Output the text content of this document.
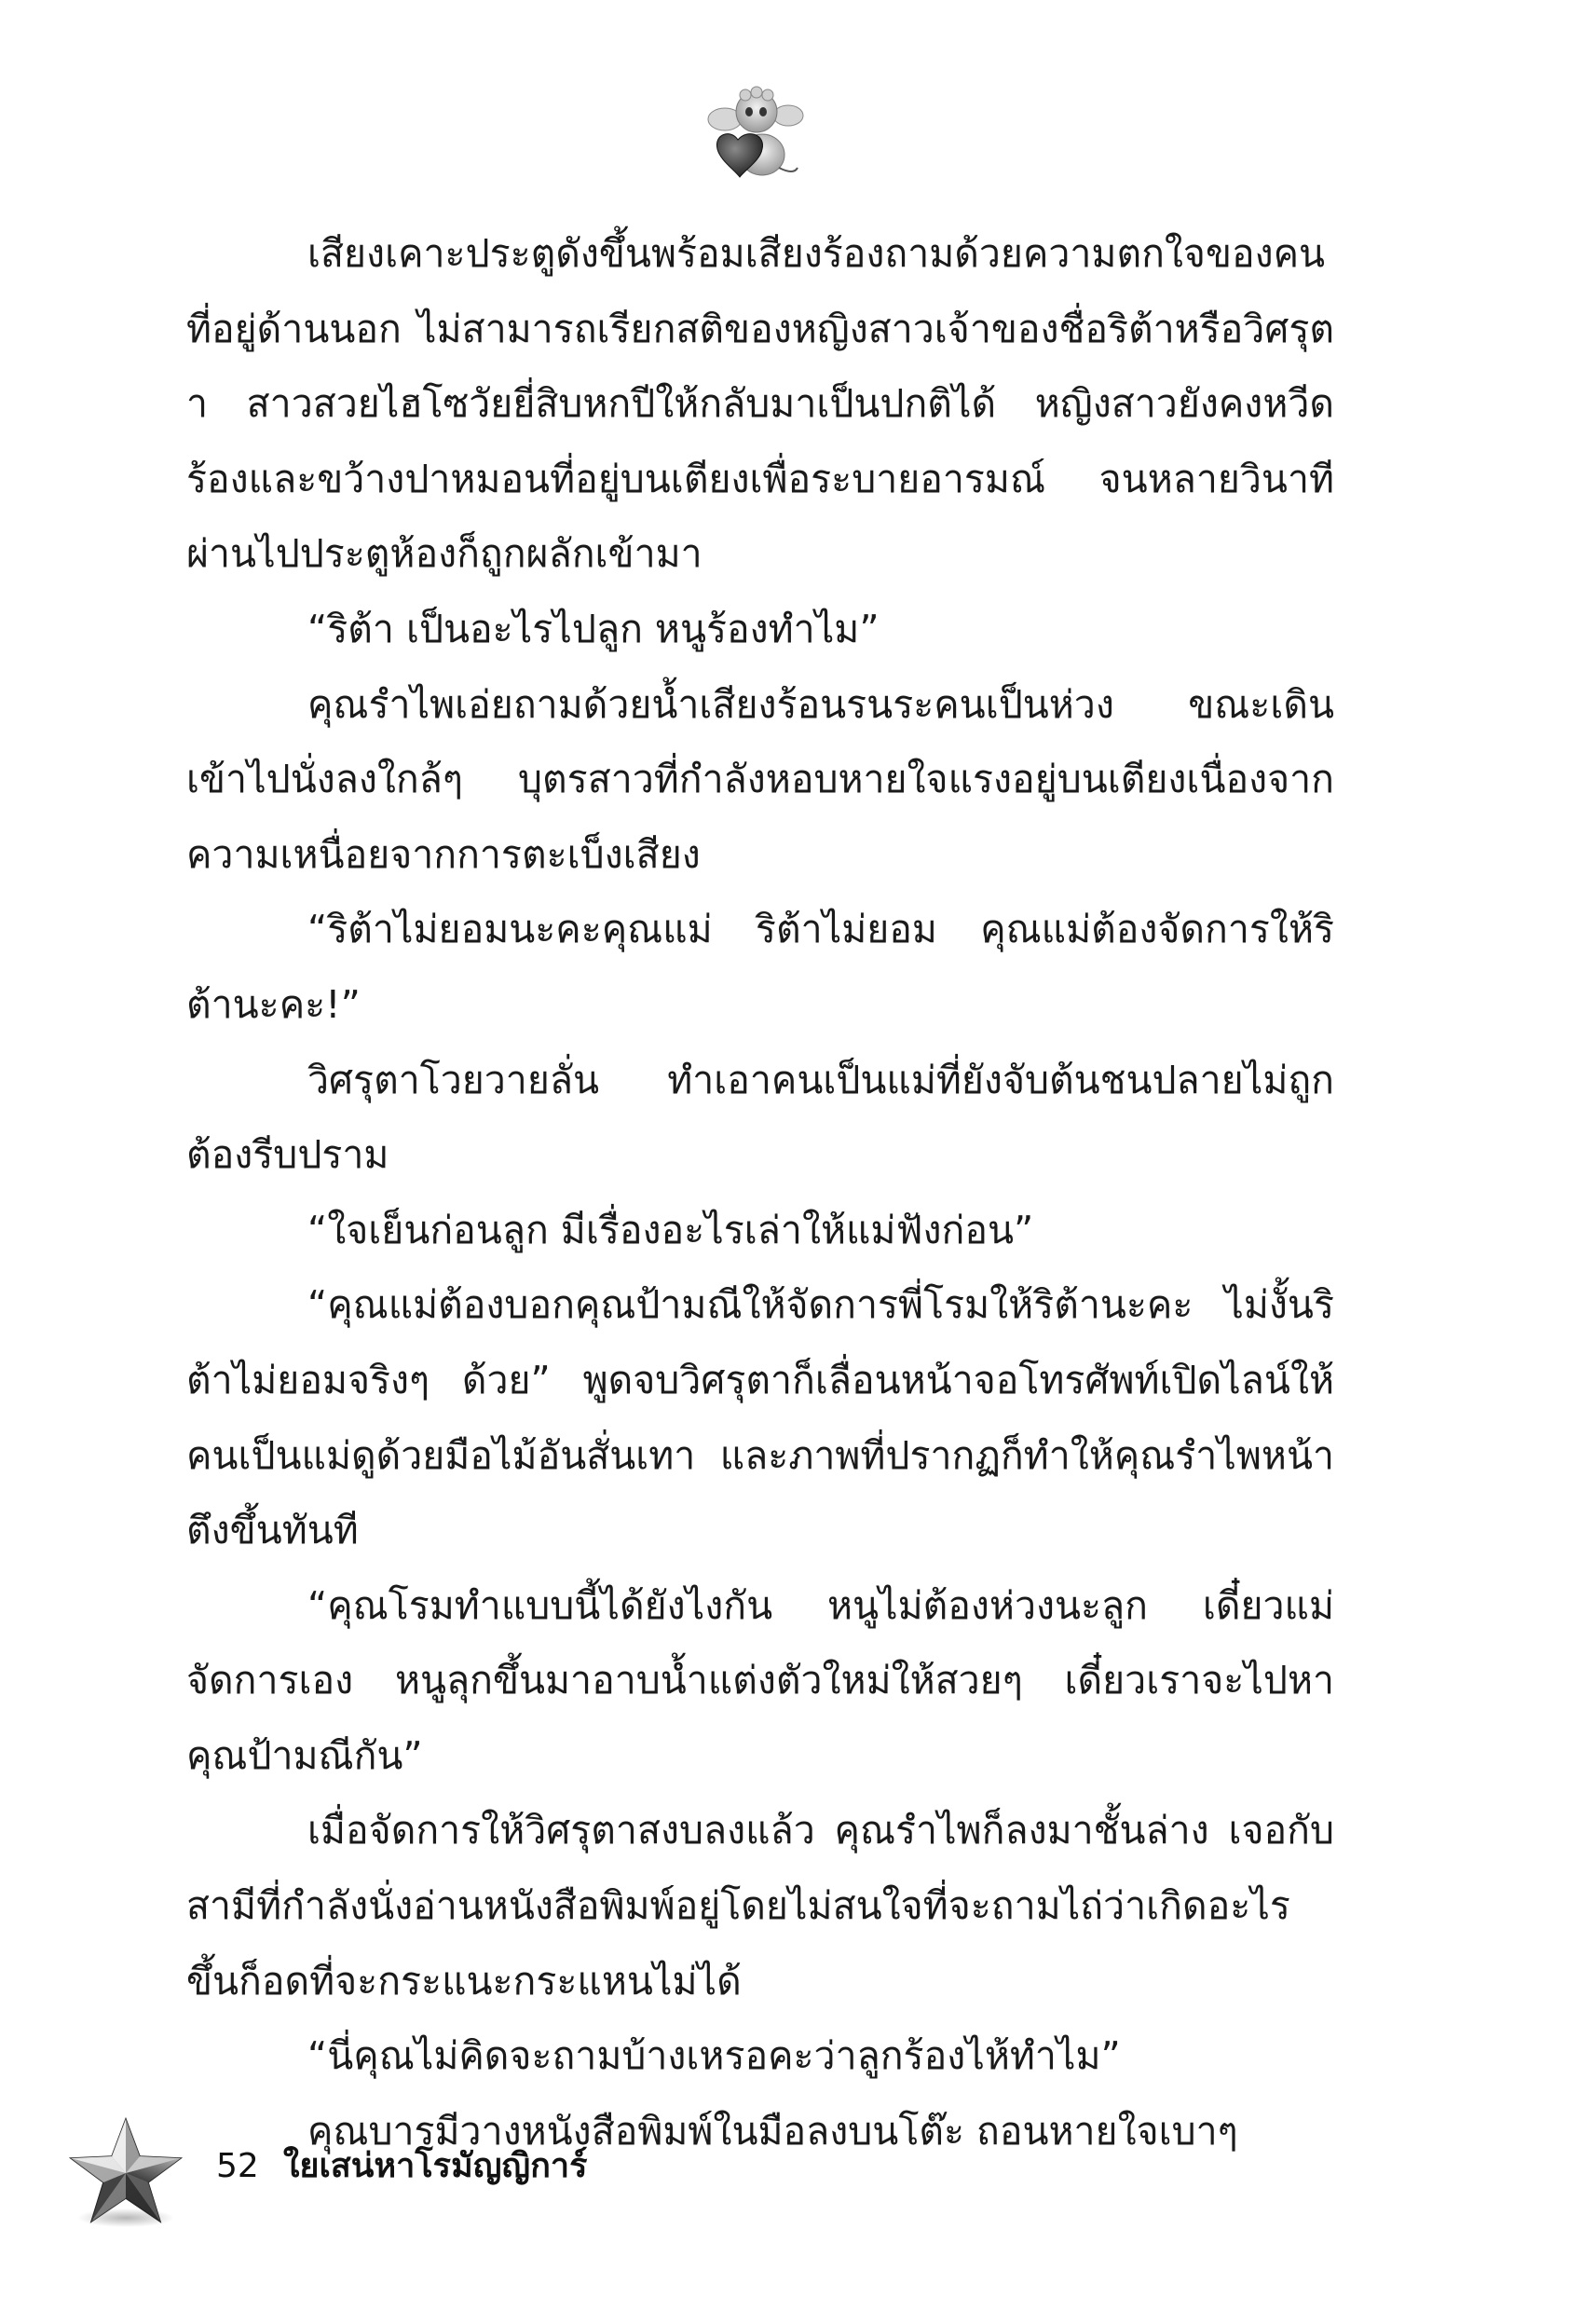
เสียงเคาะประตูดังขึ้นพร้อมเสียงร้องถามด้วยความตกใจของคนที่อยู่ด้านนอก ไม่สามารถเรียกสติของหญิงสาวเจ้าของชื่อริต้าหรือวิศรุตา สาวสวยไฮโซวัยยี่สิบหกปีให้กลับมาเป็นปกติได้ หญิงสาวยังคงหวีดร้องและขว้างปาหมอนที่อยู่บนเตียงเพื่อระบายอารมณ์ จนหลายวินาทีผ่านไปประตูห้องก็ถูกผลักเข้ามา

“ริต้า เป็นอะไรไปลูก หนูร้องทำไม”

คุณรำไพเอ่ยถามด้วยน้ำเสียงร้อนรนระคนเป็นห่วง ขณะเดินเข้าไปนั่งลงใกล้ๆ บุตรสาวที่กำลังหอบหายใจแรงอยู่บนเตียงเนื่องจากความเหนื่อยจากการตะเบ็งเสียง

“ริต้าไม่ยอมนะคะคุณแม่ ริต้าไม่ยอม คุณแม่ต้องจัดการให้ริต้านะคะ!”

วิศรุตาโวยวายลั่น ทำเอาคนเป็นแม่ที่ยังจับต้นชนปลายไม่ถูกต้องรีบปราม

“ใจเย็นก่อนลูก มีเรื่องอะไรเล่าให้แม่ฟังก่อน”

“คุณแม่ต้องบอกคุณป้ามณีให้จัดการพี่โรมให้ริต้านะคะ ไม่งั้นริต้าไม่ยอมจริงๆ ด้วย” พูดจบวิศรุตาก็เลื่อนหน้าจอโทรศัพท์เปิดไลน์ให้คนเป็นแม่ดูด้วยมือไม้อันสั่นเทา และภาพที่ปรากฏก็ทำให้คุณรำไพหน้าตึงขึ้นทันที

“คุณโรมทำแบบนี้ได้ยังไงกัน หนูไม่ต้องห่วงนะลูก เดี๋ยวแม่จัดการเอง หนูลุกขึ้นมาอาบน้ำแต่งตัวใหม่ให้สวยๆ เดี๋ยวเราจะไปหาคุณป้ามณีกัน”

เมื่อจัดการให้วิศรุตาสงบลงแล้ว คุณรำไพก็ลงมาชั้นล่าง เจอกับสามีที่กำลังนั่งอ่านหนังสือพิมพ์อยู่โดยไม่สนใจที่จะถามไถ่ว่าเกิดอะไรขึ้นก็อดที่จะกระแนะกระแหนไม่ได้

“นี่คุณไม่คิดจะถามบ้างเหรอคะว่าลูกร้องไห้ทำไม”

คุณบารมีวางหนังสือพิมพ์ในมือลงบนโต๊ะ ถอนหายใจเบาๆ

52 ใยเสน่หาโรมัญญิการ์
